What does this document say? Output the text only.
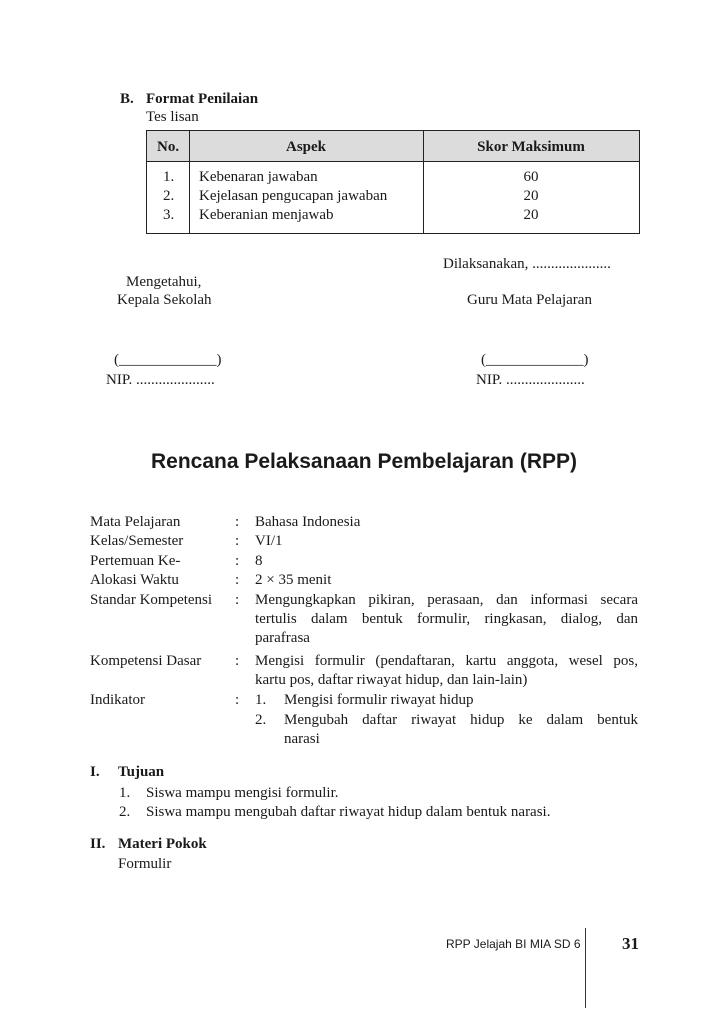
B. Format Penilaian
Tes lisan
No.	Aspek	Skor Maksimum
1. Kebenaran jawaban	60
2. Kejelasan pengucapan jawaban	20
3. Keberanian menjawab	20
Dilaksanakan, .....................
Mengetahui,
Kepala Sekolah	Guru Mata Pelajaran
(_____________)	(_____________)
NIP. .....................	NIP. .....................
Rencana Pelaksanaan Pembelajaran (RPP)
Mata Pelajaran	: Bahasa Indonesia
Kelas/Semester	: VI/1
Pertemuan Ke-	: 8
Alokasi Waktu	: 2 × 35 menit
Standar Kompetensi : Mengungkapkan pikiran, perasaan, dan informasi secara
tertulis dalam bentuk formulir, ringkasan, dialog, dan
parafrasa
Kompetensi Dasar : Mengisi formulir (pendaftaran, kartu anggota, wesel pos,
kartu pos, daftar riwayat hidup, dan lain-lain)
Indikator	: 1. Mengisi formulir riwayat hidup
2. Mengubah daftar riwayat hidup ke dalam bentuk
narasi
I. Tujuan
1. Siswa mampu mengisi formulir.
2. Siswa mampu mengubah daftar riwayat hidup dalam bentuk narasi.
II. Materi Pokok
Formulir
RPP Jelajah BI MIA SD 6 31
